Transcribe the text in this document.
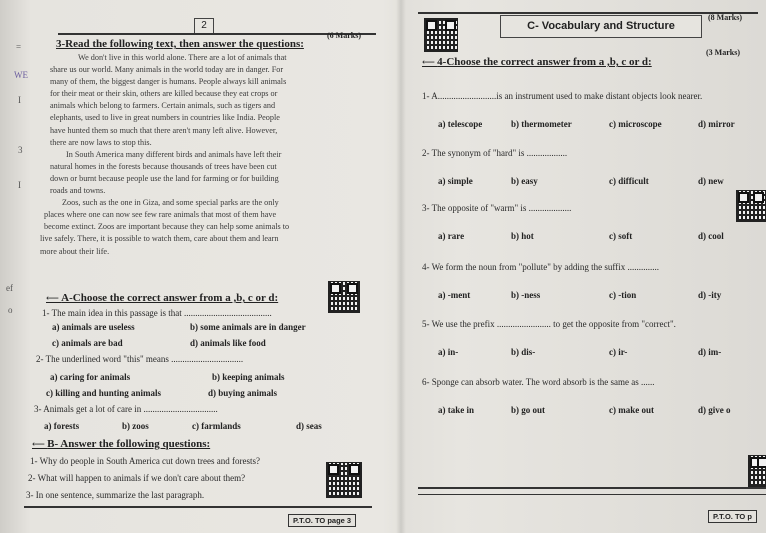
2
=
WE
I
3
I
ef
o
3-Read the following text, then answer the questions:
(6 Marks)
We don't live in this world alone. There are a lot of animals that
share us our world. Many animals in the world today are in danger. For
many of them, the biggest danger is humans. People always kill animals
for their meat or their skin, others are killed because they eat crops or
animals which belong to farmers. Certain animals, such as tigers and
elephants, used to live in great numbers in countries like India. People
have hunted them so much that there aren't many left alive. However,
there are now laws to stop this.
In South America many different birds and animals have left their
natural homes in the forests because thousands of trees have been cut
down or burnt because people use the land for farming or for building
roads and towns.
Zoos, such as the one in Giza, and some special parks are the only
places where one can now see few rare animals that most of them have
become extinct. Zoos are important because they can help some animals to
live safely. There, it is possible to watch them, care about them and learn
more about their life.
⟵ A-Choose the correct answer from a ,b, c or d:
1- The main idea in this passage is that .......................................
a) animals are useless	b) some animals are in danger
c) animals are bad	d) animals like food
2- The underlined word "this" means ................................
a) caring for animals	b) keeping animals
c) killing and hunting animals	d) buying animals
3- Animals get a lot of care in .................................
a) forests	b) zoos	c) farmlands	d) seas
⟵ B- Answer the following questions:
1- Why do people in South America cut down trees and forests?
2- What will happen to animals if we don't care about them?
3- In one sentence, summarize the last paragraph.
P.T.O. TO page 3
C- Vocabulary and Structure
(8 Marks)
⟵ 4-Choose the correct answer from a ,b, c or d:
(3 Marks)
1- A..........................is an instrument used to make distant objects look nearer.
a) telescope	b) thermometer	c) microscope	d) mirror
2- The synonym of "hard" is ..................
a) simple	b) easy	c) difficult	d) new
3- The opposite of "warm" is ...................
a) rare	b) hot	c) soft	d) cool
4- We form the noun from "pollute" by adding the suffix ..............
a) -ment	b) -ness	c) -tion	d) -ity
5- We use the prefix ........................ to get the opposite from "correct".
a) in-	b) dis-	c) ir-	d) im-
6- Sponge can absorb water. The word absorb is the same as ......
a) take in	b) go out	c) make out	d) give o
P.T.O. TO p
